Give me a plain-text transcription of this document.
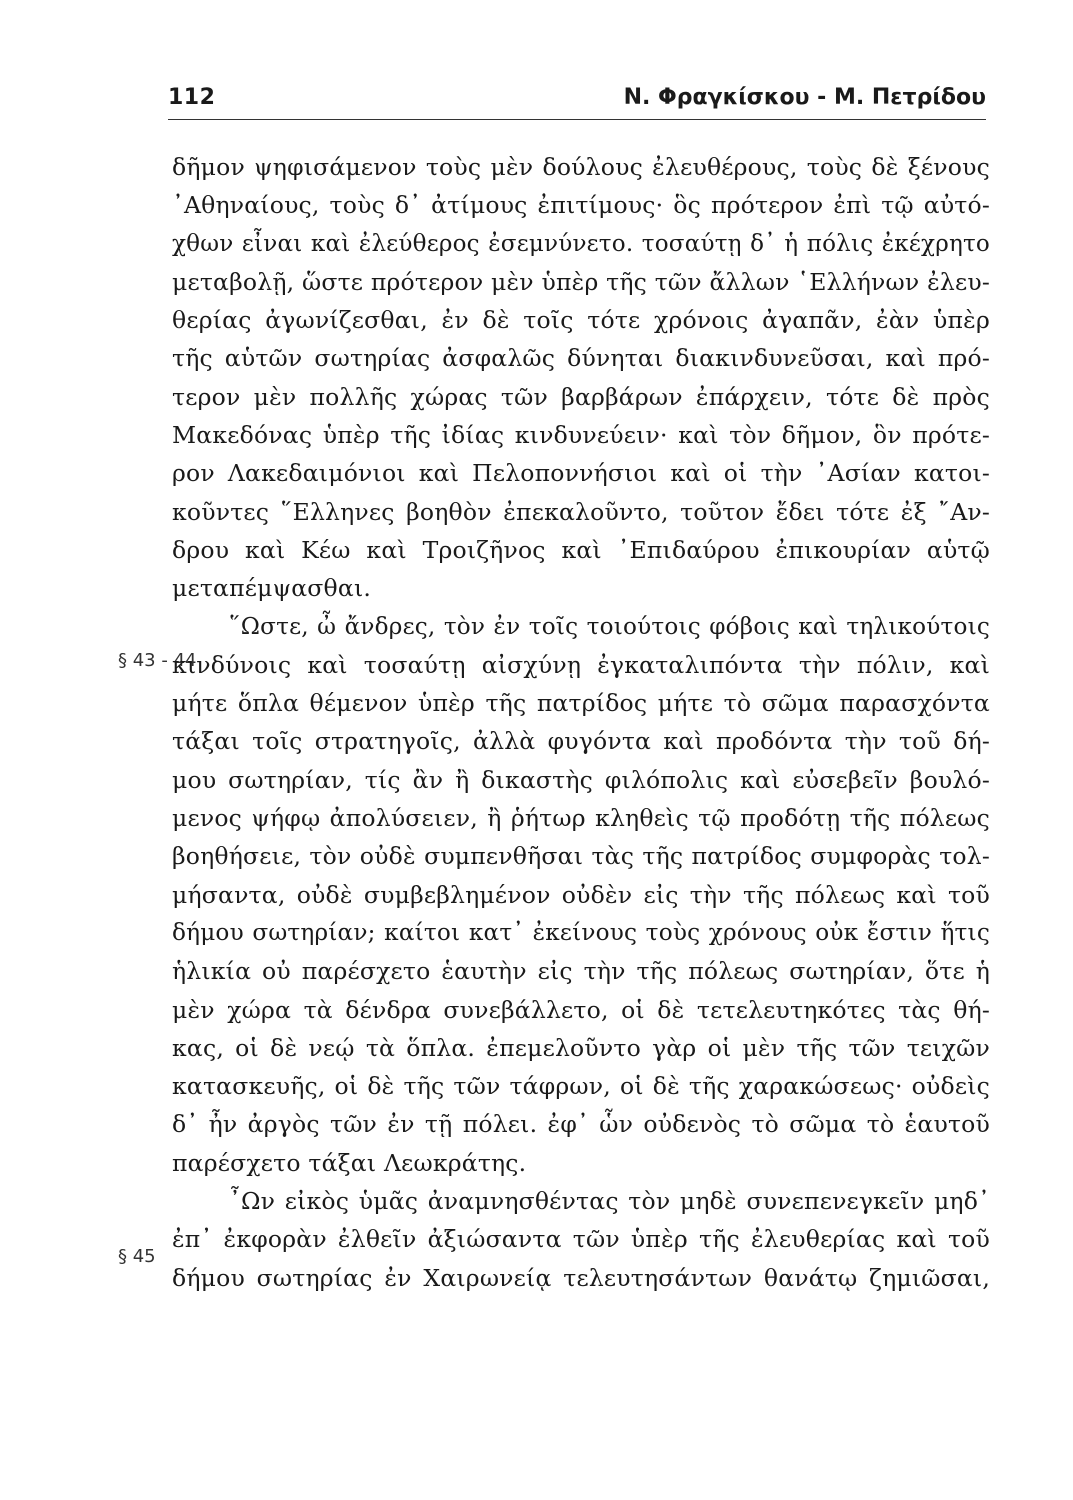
112	Ν. Φραγκίσκου - Μ. Πετρίδου
§ 43 - 44
§ 45
δῆμον ψηφισάμενον τοὺς μὲν δούλους ἐλευθέρους, τοὺς δὲ ξένους
᾿Αθηναίους, τοὺς δ᾿ ἀτίμους ἐπιτίμους· ὃς πρότερον ἐπὶ τῷ αὐτό-
χθων εἶναι καὶ ἐλεύθερος ἐσεμνύνετο. τοσαύτῃ δ᾿ ἡ πόλις ἐκέχρητο
μεταβολῇ, ὥστε πρότερον μὲν ὑπὲρ τῆς τῶν ἄλλων ῾Ελλήνων ἐλευ-
θερίας ἀγωνίζεσθαι, ἐν δὲ τοῖς τότε χρόνοις ἀγαπᾶν, ἐὰν ὑπὲρ
τῆς αὑτῶν σωτηρίας ἀσφαλῶς δύνηται διακινδυνεῦσαι, καὶ πρό-
τερον μὲν πολλῆς χώρας τῶν βαρβάρων ἐπάρχειν, τότε δὲ πρὸς
Μακεδόνας ὑπὲρ τῆς ἰδίας κινδυνεύειν· καὶ τὸν δῆμον, ὃν πρότε-
ρον Λακεδαιμόνιοι καὶ Πελοποννήσιοι καὶ οἱ τὴν ᾿Ασίαν κατοι-
κοῦντες ῞Ελληνες βοηθὸν ἐπεκαλοῦντο, τοῦτον ἔδει τότε ἐξ ῎Αν-
δρου καὶ Κέω καὶ Τροιζῆνος καὶ ᾿Επιδαύρου ἐπικουρίαν αὑτῷ
μεταπέμψασθαι.
῞Ωστε, ὦ ἄνδρες, τὸν ἐν τοῖς τοιούτοις φόβοις καὶ τηλικούτοις
κινδύνοις καὶ τοσαύτῃ αἰσχύνῃ ἐγκαταλιπόντα τὴν πόλιν, καὶ
μήτε ὅπλα θέμενον ὑπὲρ τῆς πατρίδος μήτε τὸ σῶμα παρασχόντα
τάξαι τοῖς στρατηγοῖς, ἀλλὰ φυγόντα καὶ προδόντα τὴν τοῦ δή-
μου σωτηρίαν, τίς ἂν ἢ δικαστὴς φιλόπολις καὶ εὐσεβεῖν βουλό-
μενος ψήφῳ ἀπολύσειεν, ἢ ῥήτωρ κληθεὶς τῷ προδότῃ τῆς πόλεως
βοηθήσειε, τὸν οὐδὲ συμπενθῆσαι τὰς τῆς πατρίδος συμφορὰς τολ-
μήσαντα, οὐδὲ συμβεβλημένον οὐδὲν εἰς τὴν τῆς πόλεως καὶ τοῦ
δήμου σωτηρίαν; καίτοι κατ᾿ ἐκείνους τοὺς χρόνους οὐκ ἔστιν ἥτις
ἡλικία οὐ παρέσχετο ἑαυτὴν εἰς τὴν τῆς πόλεως σωτηρίαν, ὅτε ἡ
μὲν χώρα τὰ δένδρα συνεβάλλετο, οἱ δὲ τετελευτηκότες τὰς θή-
κας, οἱ δὲ νεῴ τὰ ὅπλα. ἐπεμελοῦντο γὰρ οἱ μὲν τῆς τῶν τειχῶν
κατασκευῆς, οἱ δὲ τῆς τῶν τάφρων, οἱ δὲ τῆς χαρακώσεως· οὐδεὶς
δ᾿ ἦν ἀργὸς τῶν ἐν τῇ πόλει. ἐφ᾿ ὧν οὐδενὸς τὸ σῶμα τὸ ἑαυτοῦ
παρέσχετο τάξαι Λεωκράτης.
῏Ων εἰκὸς ὑμᾶς ἀναμνησθέντας τὸν μηδὲ συνεπενεγκεῖν μηδ᾿
ἐπ᾿ ἐκφορὰν ἐλθεῖν ἀξιώσαντα τῶν ὑπὲρ τῆς ἐλευθερίας καὶ τοῦ
δήμου σωτηρίας ἐν Χαιρωνείᾳ τελευτησάντων θανάτῳ ζημιῶσαι,
